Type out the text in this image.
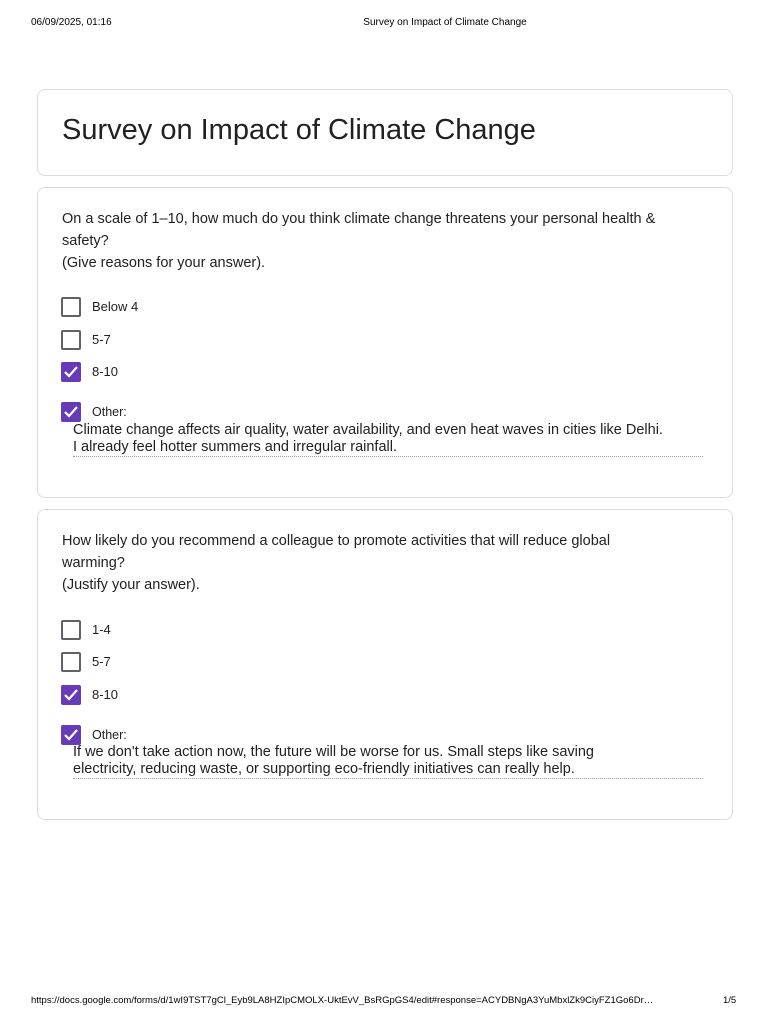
06/09/2025, 01:16	Survey on Impact of Climate Change
Survey on Impact of Climate Change
On a scale of 1–10, how much do you think climate change threatens your personal health &
safety?
(Give reasons for your answer).
Below 4
5-7
8-10
Other:
Climate change affects air quality, water availability, and even heat waves in cities like Delhi.
I already feel hotter summers and irregular rainfall.
How likely do you recommend a colleague to promote activities that will reduce global
warming?
(Justify your answer).
1-4
5-7
8-10
Other:
If we don't take action now, the future will be worse for us. Small steps like saving
electricity, reducing waste, or supporting eco-friendly initiatives can really help.
https://docs.google.com/forms/d/1wI9TST7gCl_Eyb9LA8HZIpCMOLX-UktEvV_BsRGpGS4/edit#response=ACYDBNgA3YuMbxlZk9CiyFZ1Go6Dr…	1/5
